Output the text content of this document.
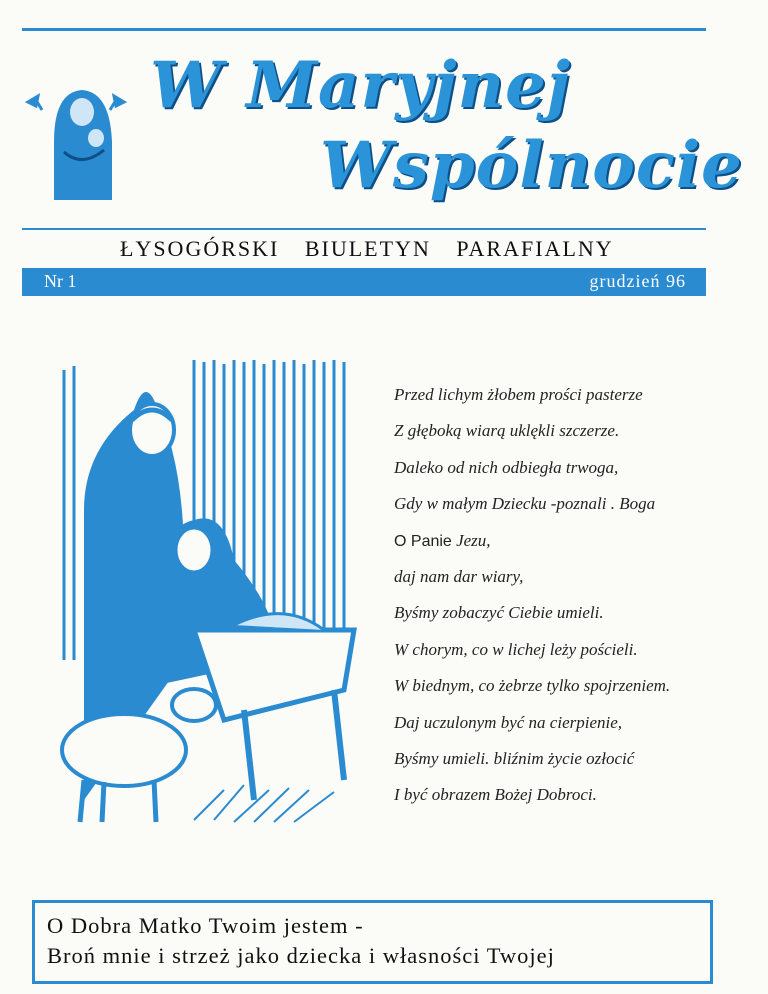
W Maryjnej
Wspólnocie
ŁYSOGÓRSKI BIULETYN PARAFIALNY
Nr 1	grudzień 96
Przed lichym żłobem prości pasterze
Z głęboką wiarą uklękli szczerze.
Daleko od nich odbiegła trwoga,
Gdy w małym Dziecku -poznali . Boga
O Panie Jezu,
daj nam dar wiary,
Byśmy zobaczyć Ciebie umieli.
W chorym, co w lichej leży pościeli.
W biednym, co żebrze tylko spojrzeniem.
Daj uczulonym być na cierpienie,
Byśmy umieli. bliźnim życie ozłocić
I być obrazem Bożej Dobroci.
O Dobra Matko Twoim jestem -
Broń mnie i strzeż jako dziecka i własności Twojej
